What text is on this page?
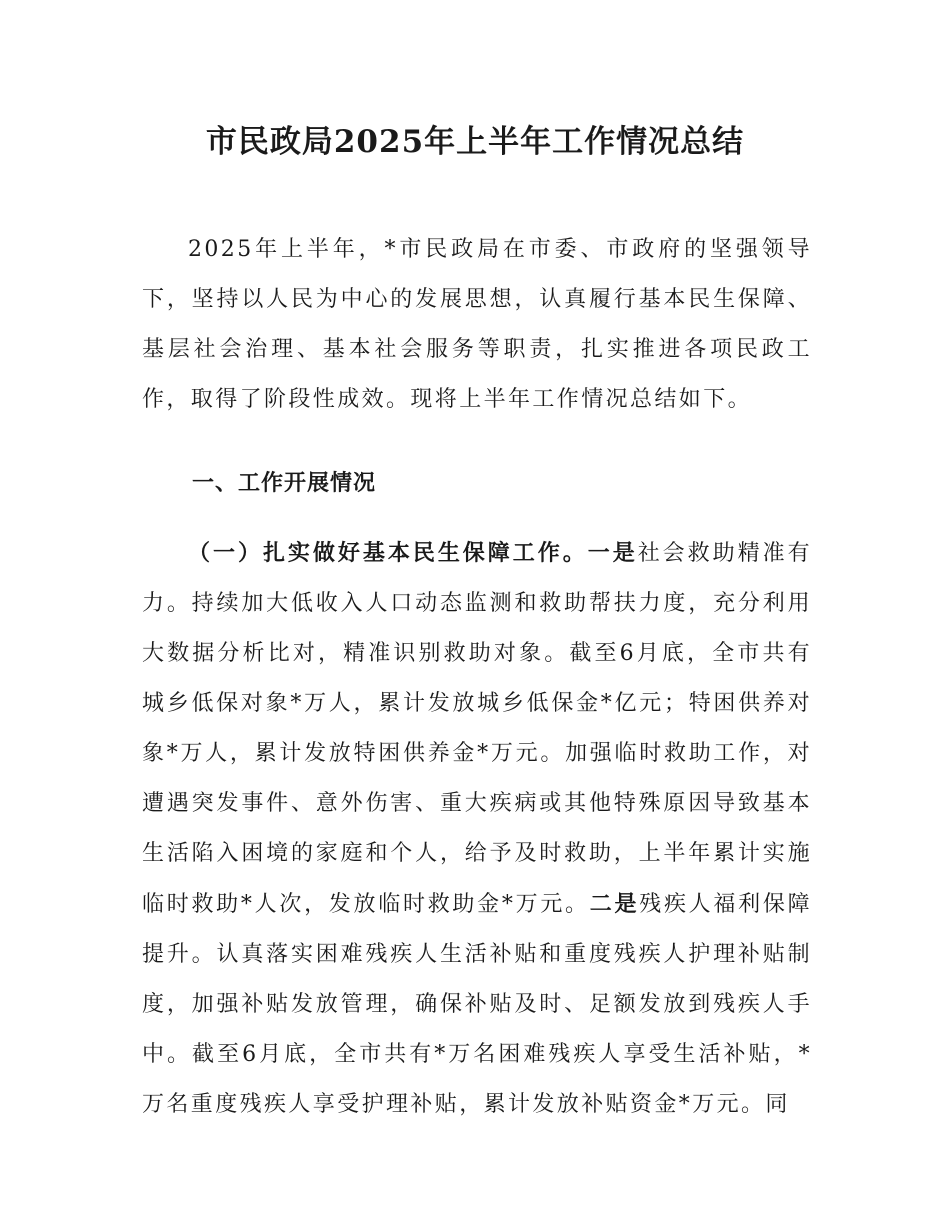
市民政局2025年上半年工作情况总结

2025年上半年，*市民政局在市委、市政府的坚强领导下，坚持以人民为中心的发展思想，认真履行基本民生保障、基层社会治理、基本社会服务等职责，扎实推进各项民政工作，取得了阶段性成效。现将上半年工作情况总结如下。

一、工作开展情况

（一）扎实做好基本民生保障工作。一是社会救助精准有力。持续加大低收入人口动态监测和救助帮扶力度，充分利用大数据分析比对，精准识别救助对象。截至6月底，全市共有城乡低保对象*万人，累计发放城乡低保金*亿元；特困供养对象*万人，累计发放特困供养金*万元。加强临时救助工作，对遭遇突发事件、意外伤害、重大疾病或其他特殊原因导致基本生活陷入困境的家庭和个人，给予及时救助，上半年累计实施临时救助*人次，发放临时救助金*万元。二是残疾人福利保障提升。认真落实困难残疾人生活补贴和重度残疾人护理补贴制度，加强补贴发放管理，确保补贴及时、足额发放到残疾人手中。截至6月底，全市共有*万名困难残疾人享受生活补贴，*万名重度残疾人享受护理补贴，累计发放补贴资金*万元。同
